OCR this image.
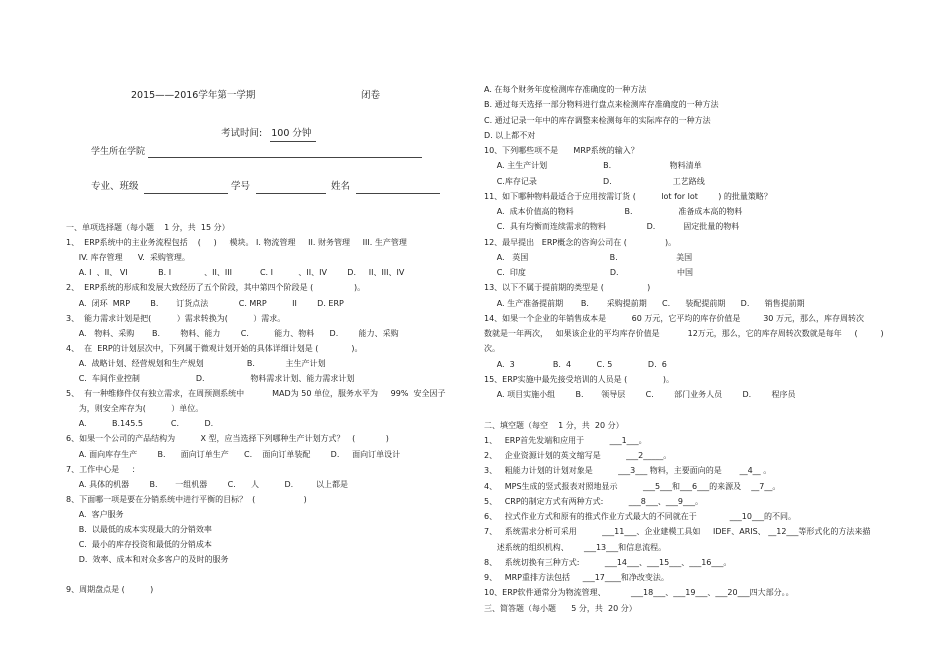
2015——2016学年第一学期	闭卷
考试时间:   100 分钟
学生所在学院
专业、班级	学号	姓名
一、单项选择题（每小题    1 分，共  15 分）
1、  ERP系统中的主业务流程包括    (     )     模块。 I. 物流管理     II. 财务管理     III. 生产管理
IV. 库存管理      V.  采购管理。
A. I  、II、 VI            B. I             、II、III           C. I          、II、IV        D.     II、III、IV
2、  ERP系统的形成和发展大致经历了五个阶段，其中第四个阶段是 (                )。
A.  闭环  MRP        B.       订货点法            C. MRP          II        D. ERP
3、  能力需求计划是把(          ）需求转换为(          ）需求。
A.   物料、采购       B.        物料、能力        C.          能力、物料      D.        能力、采购
4、  在  ERP的计划层次中，下列属于微观计划开始的具体详细计划是 (             )。
A.  战略计划、经营规划和生产规划                 B.            主生产计划
C.  车间作业控制                      D.                  物料需求计划、能力需求计划
5、  有一种维修件仅有独立需求，在周预测系统中           MAD为 50 单位，服务水平为     99%  安全因子
为，则安全库存为(          ）单位。
A.          B.145.5           C.          D.
6、如果一个公司的产品结构为          X 型，应当选择下列哪种生产计划方式？   (            )
A. 面向库存生产        B.      面向订单生产      C.    面向订单装配        D.     面向订单设计
7、工作中心是     ：
A. 具体的机器        B.       一组机器        C.      人          D.         以上都是
8、下面哪一项是要在分销系统中进行平衡的目标？  (                   )
A.  客户服务
B.  以最低的成本实现最大的分销效率
C.  最小的库存投资和最低的分销成本
D.  效率、成本和对众多客户的及时的服务
9、周期盘点是 (          )
A. 在每个财务年度检测库存准确度的一种方法
B. 通过每天选择一部分物料进行盘点来检测库存准确度的一种方法
C. 通过记录一年中的库存调整来检测每年的实际库存的一种方法
D. 以上都不对
10、下列哪些项不是      MRP系统的输入？
A. 主生产计划                      B.                       物料清单
C.库存记录                          D.                        工艺路线
11、如下哪种物料最适合于应用按需订货 (          lot for lot        ) 的批量策略？
A.  成本价值高的物料                    B.                  准备成本高的物料
C.  具有均衡而连续需求的物料                D.           固定批量的物料
12、最早提出   ERP概念的咨询公司在 (               )。
A.   英国                                B.                       美国
C.  印度                                 D.                       中国
13、以下不属于提前期的类型是 (                 )
A. 生产准备提前期       B.       采购提前期      C.      装配提前期      D.      销售提前期
14、如果一个企业的年销售成本是          60 万元，它平均的库存价值是         30 万元，那么，库存周转次
数就是一年两次，   如果该企业的平均库存价值是           12万元，那么，它的库存周转次数就是每年     (         )
次。
A.  3               B.  4          C. 5              D.  6
15、ERP实施中最先接受培训的人员是 (              )。
A. 项目实施小组        B.       领导层        C.        部门业务人员        D.        程序员
二、填空题（每空    1 分，共  20 分）
1、   ERP首先发端和应用于          ___1___。
2、   企业资源计划的英文缩写是          ___2_____。
3、   粗能力计划的计划对象是          ___3___ 物料，主要面向的是       __4__ 。
4、   MPS生成的竖式报表对照地显示          ___5___和___6___的来源及    __7__。
5、   CRP的制定方式有两种方式:          ___8___、___9___。
6、   拉式作业方式和原有的推式作业方式最大的不同就在于             ___10___的不同。
7、   系统需求分析可采用          ___11___、企业建模工具如     IDEF、ARIS、 __12___等形式化的方法来描
述系统的组织机构、      ___13___和信息流程。
8、   系统切换有三种方式:          ___14___、___15___、___16___。
9、   MRP重排方法包括     ___17____和净改变法。
10、ERP软件通常分为物流管理、          ___18___、___19___、___20___四大部分。。
三、简答题（每小题      5 分，共  20 分）
